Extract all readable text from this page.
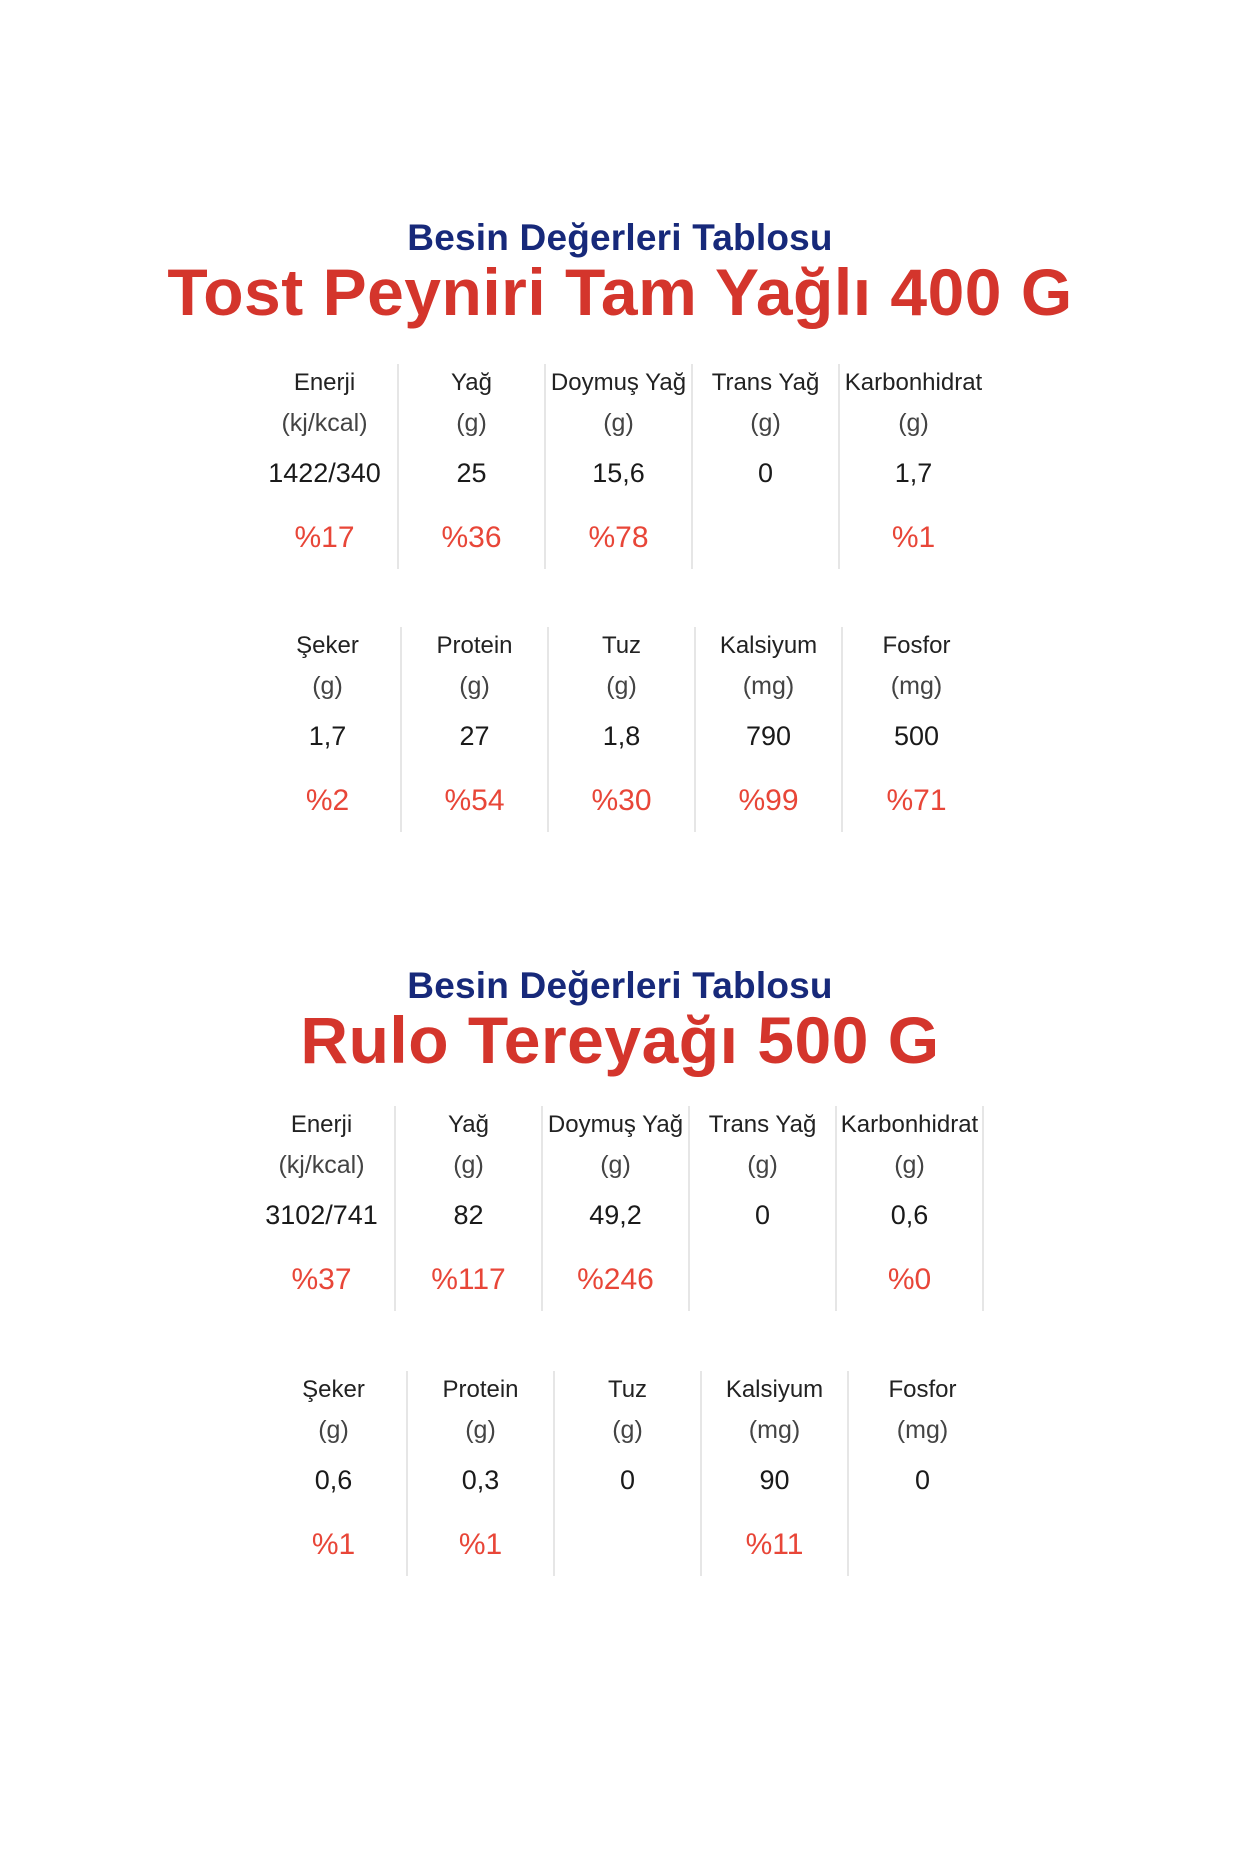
Besin Değerleri Tablosu
Tost Peyniri Tam Yağlı 400 G
Enerji
(kj/kcal)
1422/340
%17
Yağ
(g)
25
%36
Doymuş Yağ
(g)
15,6
%78
Trans Yağ
(g)
0
Karbonhidrat
(g)
1,7
%1
Şeker
(g)
1,7
%2
Protein
(g)
27
%54
Tuz
(g)
1,8
%30
Kalsiyum
(mg)
790
%99
Fosfor
(mg)
500
%71
Besin Değerleri Tablosu
Rulo Tereyağı 500 G
Enerji
(kj/kcal)
3102/741
%37
Yağ
(g)
82
%117
Doymuş Yağ
(g)
49,2
%246
Trans Yağ
(g)
0
Karbonhidrat
(g)
0,6
%0
Şeker
(g)
0,6
%1
Protein
(g)
0,3
%1
Tuz
(g)
0
Kalsiyum
(mg)
90
%11
Fosfor
(mg)
0
